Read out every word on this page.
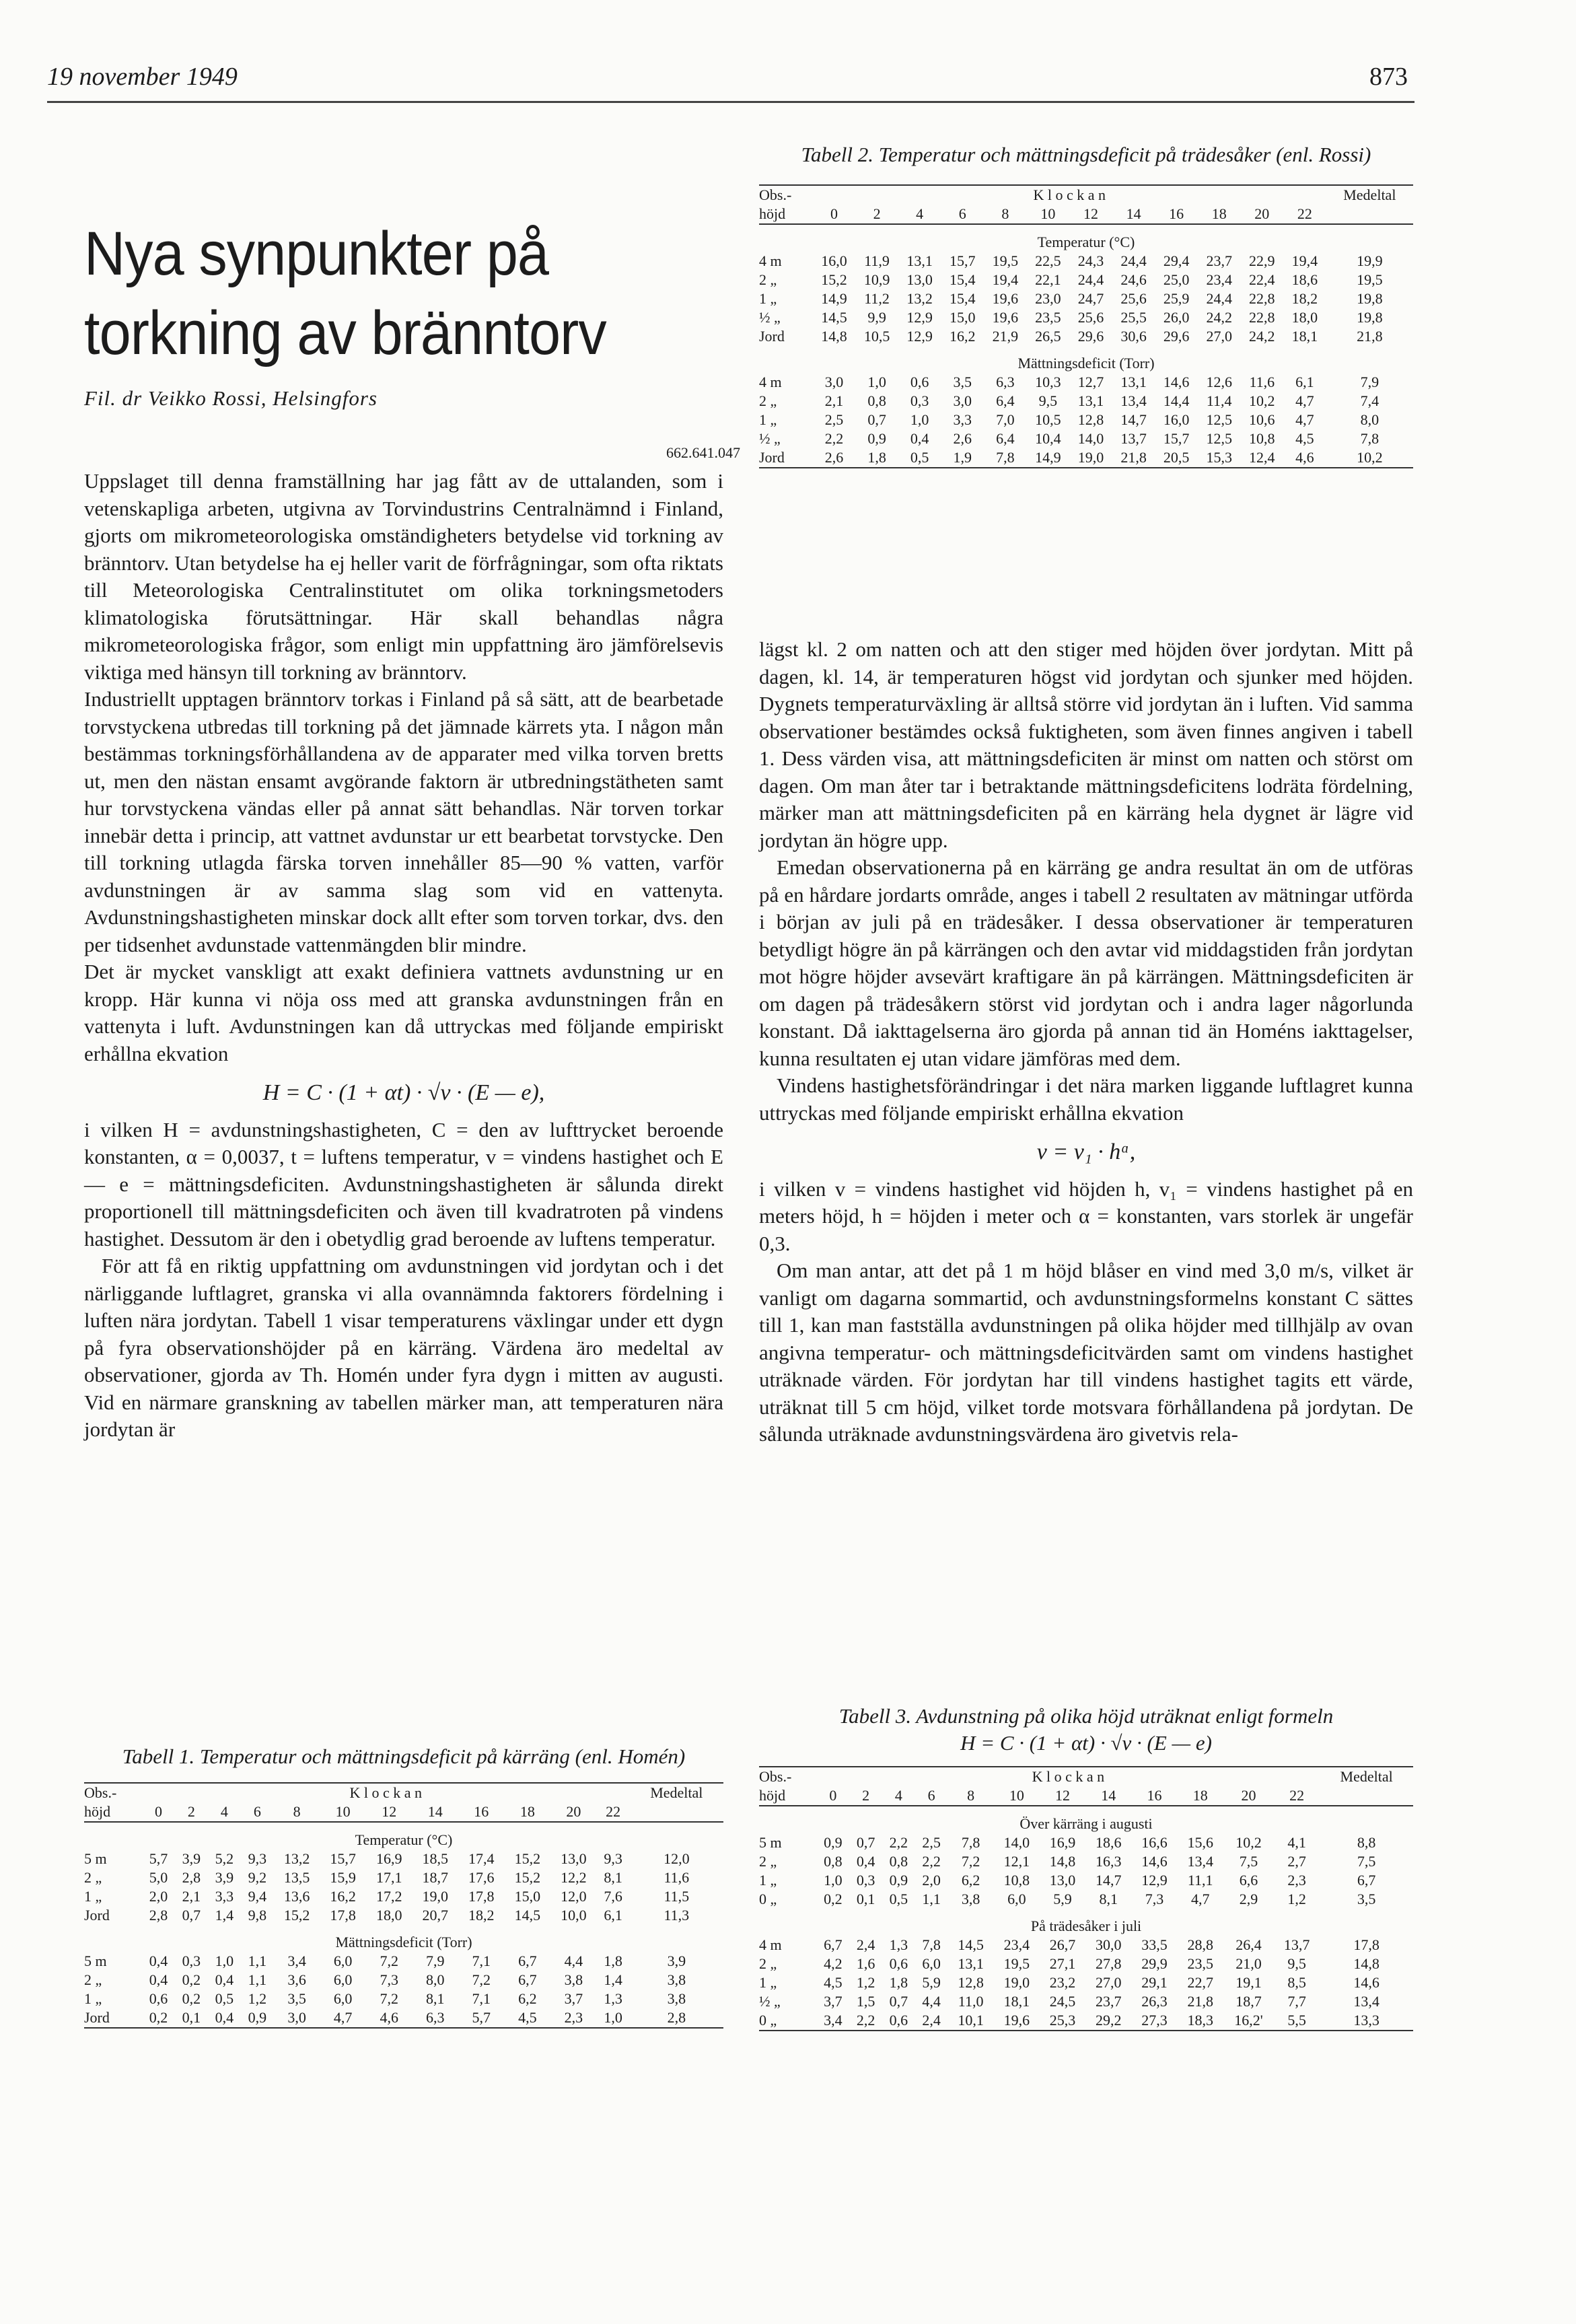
19 november 1949	873
Nya synpunkter på torkning av bränntorv
Fil. dr Veikko Rossi, Helsingfors
662.641.047

Uppslaget till denna framställning har jag fått av de uttalanden, som i vetenskapliga arbeten, utgivna av Torvindustrins Centralnämnd i Finland, gjorts om mikrometeorologiska omständigheters betydelse vid torkning av bränntorv. Utan betydelse ha ej heller varit de förfrågningar, som ofta riktats till Meteorologiska Centralinstitutet om olika torkningsmetoders klimatologiska förutsättningar. Här skall behandlas några mikrometeorologiska frågor, som enligt min uppfattning äro jämförelsevis viktiga med hänsyn till torkning av bränntorv.

Industriellt upptagen bränntorv torkas i Finland på så sätt, att de bearbetade torvstyckena utbredas till torkning på det jämnade kärrets yta. I någon mån bestämmas torkningsförhållandena av de apparater med vilka torven bretts ut, men den nästan ensamt avgörande faktorn är utbredningstätheten samt hur torvstyckena vändas eller på annat sätt behandlas. När torven torkar innebär detta i princip, att vattnet avdunstar ur ett bearbetat torvstycke. Den till torkning utlagda färska torven innehåller 85—90 % vatten, varför avdunstningen är av samma slag som vid en vattenyta. Avdunstningshastigheten minskar dock allt efter som torven torkar, dvs. den per tidsenhet avdunstade vattenmängden blir mindre.

Det är mycket vanskligt att exakt definiera vattnets avdunstning ur en kropp. Här kunna vi nöja oss med att granska avdunstningen från en vattenyta i luft. Avdunstningen kan då uttryckas med följande empiriskt erhållna ekvation

H = C · (1 + αt) · √v · (E — e),

i vilken H = avdunstningshastigheten, C = den av lufttrycket beroende konstanten, α = 0,0037, t = luftens temperatur, v = vindens hastighet och E — e = mättningsdeficiten. Avdunstningshastigheten är sålunda direkt proportionell till mättningsdeficiten och även till kvadratroten på vindens hastighet. Dessutom är den i obetydlig grad beroende av luftens temperatur.

För att få en riktig uppfattning om avdunstningen vid jordytan och i det närliggande luftlagret, granska vi alla ovannämnda faktorers fördelning i luften nära jordytan. Tabell 1 visar temperaturens växlingar under ett dygn på fyra observationshöjder på en kärräng. Värdena äro medeltal av observationer, gjorda av Th. Homén under fyra dygn i mitten av augusti. Vid en närmare granskning av tabellen märker man, att temperaturen nära jordytan är

lägst kl. 2 om natten och att den stiger med höjden över jordytan. Mitt på dagen, kl. 14, är temperaturen högst vid jordytan och sjunker med höjden. Dygnets temperaturväxling är alltså större vid jordytan än i luften. Vid samma observationer bestämdes också fuktigheten, som även finnes angiven i tabell 1. Dess värden visa, att mättningsdeficiten är minst om natten och störst om dagen. Om man åter tar i betraktande mättningsdeficitens lodräta fördelning, märker man att mättningsdeficiten på en kärräng hela dygnet är lägre vid jordytan än högre upp.

Emedan observationerna på en kärräng ge andra resultat än om de utföras på en hårdare jordarts område, anges i tabell 2 resultaten av mätningar utförda i början av juli på en trädesåker. I dessa observationer är temperaturen betydligt högre än på kärrängen och den avtar vid middagstiden från jordytan mot högre höjder avsevärt kraftigare än på kärrängen. Mättningsdeficiten är om dagen på trädesåkern störst vid jordytan och i andra lager någorlunda konstant. Då iakttagelserna äro gjorda på annan tid än Homéns iakttagelser, kunna resultaten ej utan vidare jämföras med dem.

Vindens hastighetsförändringar i det nära marken liggande luftlagret kunna uttryckas med följande empiriskt erhållna ekvation

v = v₁ · hᵅ,

i vilken v = vindens hastighet vid höjden h, v₁ = vindens hastighet på en meters höjd, h = höjden i meter och α = konstanten, vars storlek är ungefär 0,3.

Om man antar, att det på 1 m höjd blåser en vind med 3,0 m/s, vilket är vanligt om dagarna sommartid, och avdunstningsformelns konstant C sättes till 1, kan man fastställa avdunstningen på olika höjder med tillhjälp av ovan angivna temperatur- och mättningsdeficitvärden samt om vindens hastighet uträknade värden. För jordytan har till vindens hastighet tagits ett värde, uträknat till 5 cm höjd, vilket torde motsvara förhållandena på jordytan. De sålunda uträknade avdunstningsvärdena äro givetvis rela-

Tabell 2. Temperatur och mättningsdeficit på trädesåker (enl. Rossi)
Obs.-	K l o c k a n												Medeltal
höjd	0	2	4	6	8	10	12	14	16	18	20	22	
Temperatur (°C)													
4 m	16,0	11,9	13,1	15,7	19,5	22,5	24,3	24,4	29,4	23,7	22,9	19,4	19,9
2 „	15,2	10,9	13,0	15,4	19,4	22,1	24,4	24,6	25,0	23,4	22,4	18,6	19,5
1 „	14,9	11,2	13,2	15,4	19,6	23,0	24,7	25,6	25,9	24,4	22,8	18,2	19,8
½ „	14,5	9,9	12,9	15,0	19,6	23,5	25,6	25,5	26,0	24,2	22,8	18,0	19,8
Jord	14,8	10,5	12,9	16,2	21,9	26,5	29,6	30,6	29,6	27,0	24,2	18,1	21,8
Mättningsdeficit (Torr)													
4 m	3,0	1,0	0,6	3,5	6,3	10,3	12,7	13,1	14,6	12,6	11,6	6,1	7,9
2 „	2,1	0,8	0,3	3,0	6,4	9,5	13,1	13,4	14,4	11,4	10,2	4,7	7,4
1 „	2,5	0,7	1,0	3,3	7,0	10,5	12,8	14,7	16,0	12,5	10,6	4,7	8,0
½ „	2,2	0,9	0,4	2,6	6,4	10,4	14,0	13,7	15,7	12,5	10,8	4,5	7,8
Jord	2,6	1,8	0,5	1,9	7,8	14,9	19,0	21,8	20,5	15,3	12,4	4,6	10,2
Tabell 1. Temperatur och mättningsdeficit på kärräng (enl. Homén)
Obs.-	K l o c k a n												Medeltal
höjd	0	2	4	6	8	10	12	14	16	18	20	22	
Temperatur (°C)													
5 m	5,7	3,9	5,2	9,3	13,2	15,7	16,9	18,5	17,4	15,2	13,0	9,3	12,0
2 „	5,0	2,8	3,9	9,2	13,5	15,9	17,1	18,7	17,6	15,2	12,2	8,1	11,6
1 „	2,0	2,1	3,3	9,4	13,6	16,2	17,2	19,0	17,8	15,0	12,0	7,6	11,5
Jord	2,8	0,7	1,4	9,8	15,2	17,8	18,0	20,7	18,2	14,5	10,0	6,1	11,3
Mättningsdeficit (Torr)													
5 m	0,4	0,3	1,0	1,1	3,4	6,0	7,2	7,9	7,1	6,7	4,4	1,8	3,9
2 „	0,4	0,2	0,4	1,1	3,6	6,0	7,3	8,0	7,2	6,7	3,8	1,4	3,8
1 „	0,6	0,2	0,5	1,2	3,5	6,0	7,2	8,1	7,1	6,2	3,7	1,3	3,8
Jord	0,2	0,1	0,4	0,9	3,0	4,7	4,6	6,3	5,7	4,5	2,3	1,0	2,8
Tabell 3. Avdunstning på olika höjd uträknat enligt formeln
H = C · (1 + αt) · √v · (E — e)
Obs.-	K l o c k a n												Medeltal
höjd	0	2	4	6	8	10	12	14	16	18	20	22	
Över kärräng i augusti													
5 m	0,9	0,7	2,2	2,5	7,8	14,0	16,9	18,6	16,6	15,6	10,2	4,1	8,8
2 „	0,8	0,4	0,8	2,2	7,2	12,1	14,8	16,3	14,6	13,4	7,5	2,7	7,5
1 „	1,0	0,3	0,9	2,0	6,2	10,8	13,0	14,7	12,9	11,1	6,6	2,3	6,7
0 „	0,2	0,1	0,5	1,1	3,8	6,0	5,9	8,1	7,3	4,7	2,9	1,2	3,5
På trädesåker i juli													
4 m	6,7	2,4	1,3	7,8	14,5	23,4	26,7	30,0	33,5	28,8	26,4	13,7	17,8
2 „	4,2	1,6	0,6	6,0	13,1	19,5	27,1	27,8	29,9	23,5	21,0	9,5	14,8
1 „	4,5	1,2	1,8	5,9	12,8	19,0	23,2	27,0	29,1	22,7	19,1	8,5	14,6
½ „	3,7	1,5	0,7	4,4	11,0	18,1	24,5	23,7	26,3	21,8	18,7	7,7	13,4
0 „	3,4	2,2	0,6	2,4	10,1	19,6	25,3	29,2	27,3	18,3	16,2'	5,5	13,3
